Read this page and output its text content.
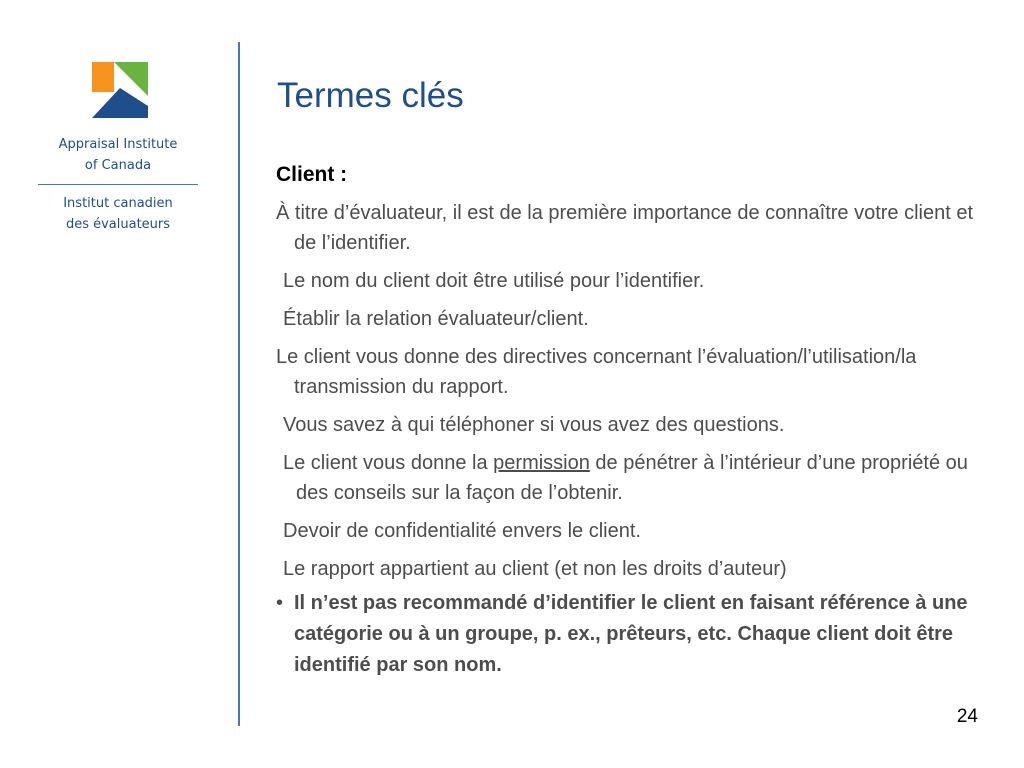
Appraisal Institute
of Canada
Institut canadien
des évaluateurs
Termes clés
Client :

À titre d’évaluateur, il est de la première importance de connaître votre client et de l’identifier.

Le nom du client doit être utilisé pour l’identifier.

Établir la relation évaluateur/client.

Le client vous donne des directives concernant l’évaluation/l’utilisation/la transmission du rapport.

Vous savez à qui téléphoner si vous avez des questions.

Le client vous donne la permission de pénétrer à l’intérieur d’une propriété ou des conseils sur la façon de l’obtenir.

Devoir de confidentialité envers le client.

Le rapport appartient au client (et non les droits d’auteur)

• Il n’est pas recommandé d’identifier le client en faisant référence à une catégorie ou à un groupe, p. ex., prêteurs, etc. Chaque client doit être identifié par son nom.
24
